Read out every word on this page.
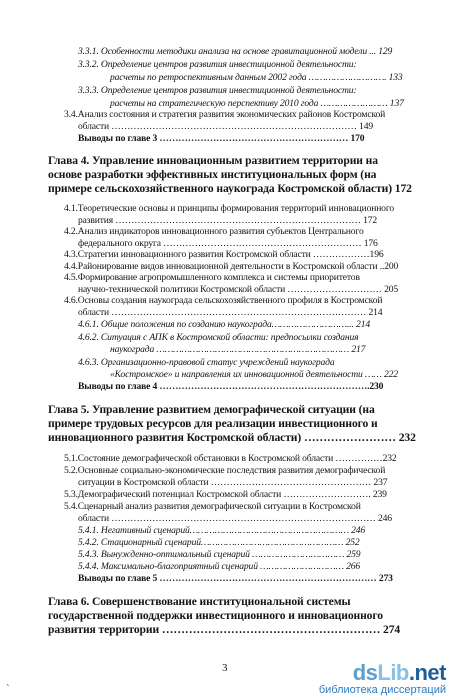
3.3.1. Особенности методики анализа на основе гравитационной модели ... 129
3.3.2. Определение центров развития инвестиционной деятельности:
расчеты по ретроспективным данным 2002 года ………………………. 133
3.3.3. Определение центров развития инвестиционной деятельности:
расчеты на стратегическую перспективу 2010 года …………………… 137
3.4.Анализ состояния и стратегия развития экономических районов Костромской
области …………………………………………………………………… 149
Выводы по главе 3 …………………………………………………… 170
Глава 4. Управление инновационным развитием территории на
основе разработки эффективных институциональных форм (на
примере сельскохозяйственного наукограда Костромской области) 172
4.1.Теоретические основы и принципы формирования территорий инновационного
развития …………………………………………………………………… 172
4.2.Анализ индикаторов инновационного развития субъектов Центрального
федерального округа ……………………………………………………… 176
4.3.Стратегии инновационного развития Костромской области ………………196
4.4.Районирование видов инновационной деятельности в Костромской области ..200
4.5.Формирование агропромышленного комплекса и системы приоритетов
научно-технической политики Костромской области ………………………… 205
4.6.Основы создания наукограда сельскохозяйственного профиля в Костромской
области ……………………………………………………………………… 214
4.6.1. Общие положения по созданию наукограда………………………... 214
4.6.2. Ситуация с АПК в Костромской области: предпосылки создания
наукограда …………………………………………………………… 217
4.6.3. Организационно-правовой статус учреждений наукограда
«Костромское» и направления их инновационной деятельности …… 222
Выводы по главе 4 ………………………………………………………….230
Глава 5. Управление развитием демографической ситуации (на
примере трудовых ресурсов для реализации инвестиционного и
инновационного развития Костромской области) …………………… 232
5.1.Состояние демографической обстановки в Костромской области ……………232
5.2.Основные социально-экономические последствия развития демографической
ситуации в Костромской области …………………………………………… 237
5.3.Демографический потенциал Костромской области ………………………. 239
5.4.Сценарный анализ развития демографической ситуации в Костромской
области ………………………………………………………………………… 246
5.4.1. Негативный сценарий………………………………………………… 246
5.4.2. Стационарный сценарий…………………………………………… 252
5.4.3. Вынужденно-оптимальный сценарий …………………………… 259
5.4.4. Максимально-благоприятный сценарий ………………………… 266
Выводы по главе 5 …………………………………………………………… 273
Глава 6. Совершенствование институциональной системы
государственной поддержки инвестиционного и инновационного
развития территории ………………………………………………… 274
`
3	dsLib.net
библиотека диссертаций
